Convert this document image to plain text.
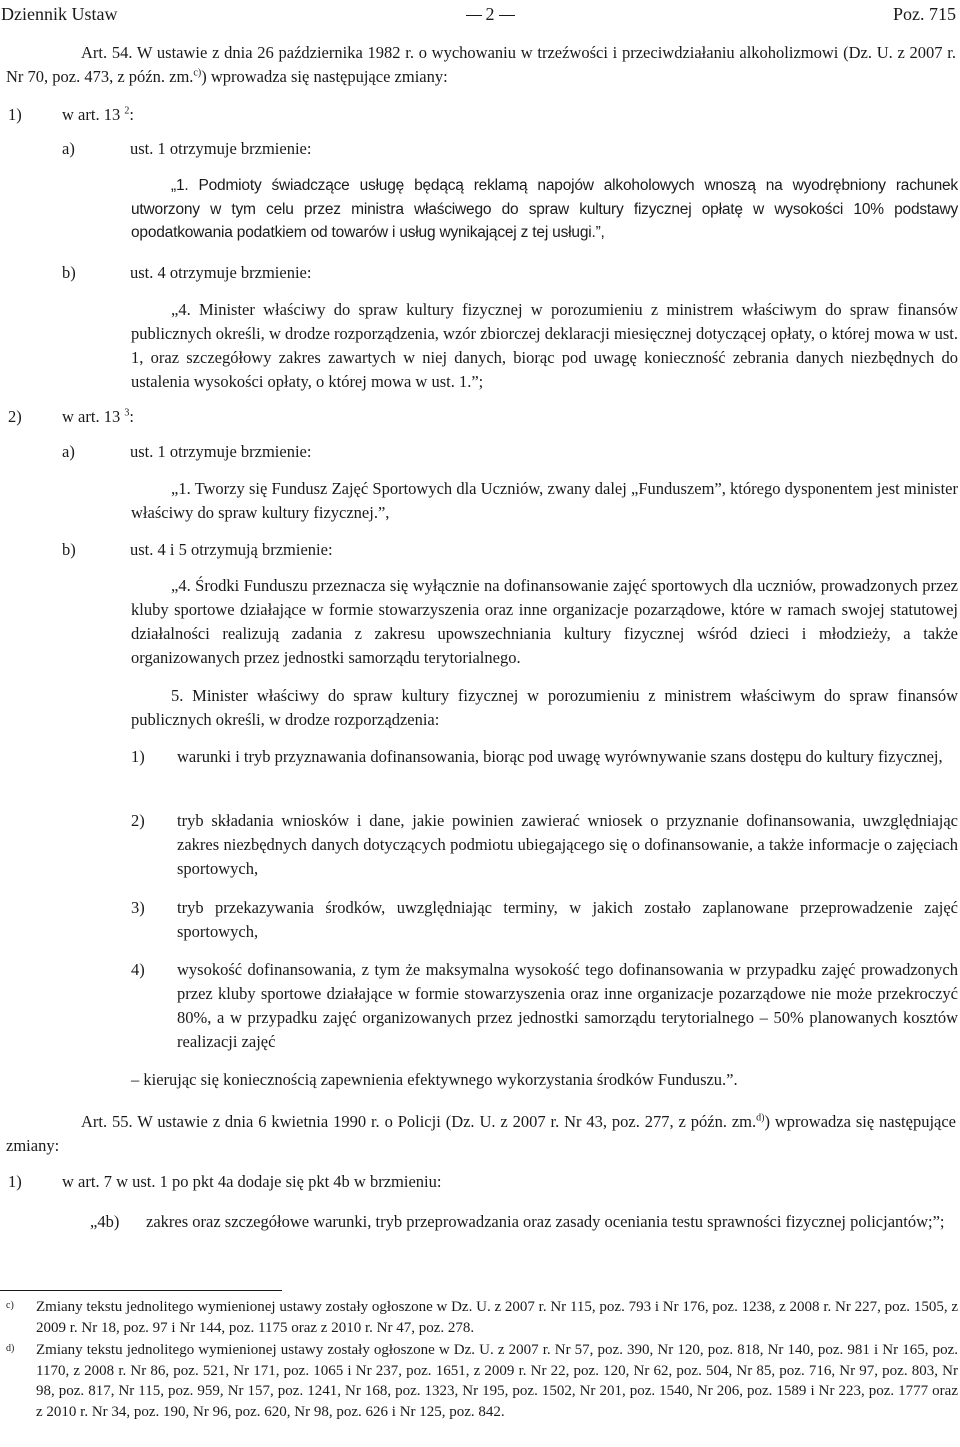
Dziennik Ustaw	2	Poz. 715

Art. 54. W ustawie z dnia 26 października 1982 r. o wychowaniu w trzeźwości i przeciwdziałaniu alkoholizmowi (Dz. U. z 2007 r. Nr 70, poz. 473, z późn. zm.$^{c)}$) wprowadza się następujące zmiany:

1) w art. 13 $^2$:
a)	ust. 1 otrzymuje brzmienie:

„1. Podmioty świadczące usługę będącą reklamą napojów alkoholowych wnoszą na wyodrębniony rachunek utworzony w tym celu przez ministra właściwego do spraw kultury fizycznej opłatę w wysokości 10% podstawy opodatkowania podatkiem od towarów i usług wynikającej z tej usługi.”,

b)	ust. 4 otrzymuje brzmienie:

„4. Minister właściwy do spraw kultury fizycznej w porozumieniu z ministrem właściwym do spraw finansów publicznych określi, w drodze rozporządzenia, wzór zbiorczej deklaracji miesięcznej dotyczącej opłaty, o której mowa w ust. 1, oraz szczegółowy zakres zawartych w niej danych, biorąc pod uwagę konieczność zebrania danych niezbędnych do ustalenia wysokości opłaty, o której mowa w ust. 1.”;

2) w art. 13 $^3$:
a)	ust. 1 otrzymuje brzmienie:

„1. Tworzy się Fundusz Zajęć Sportowych dla Uczniów, zwany dalej „Funduszem”, którego dysponentem jest minister właściwy do spraw kultury fizycznej.”,

b)	ust. 4 i 5 otrzymują brzmienie:

„4. Środki Funduszu przeznacza się wyłącznie na dofinansowanie zajęć sportowych dla uczniów, prowadzonych przez kluby sportowe działające w formie stowarzyszenia oraz inne organizacje pozarządowe, które w ramach swojej statutowej działalności realizują zadania z zakresu upowszechniania kultury fizycznej wśród dzieci i młodzieży, a także organizowanych przez jednostki samorządu terytorialnego.

5. Minister właściwy do spraw kultury fizycznej w porozumieniu z ministrem właściwym do spraw finansów publicznych określi, w drodze rozporządzenia:

1) warunki i tryb przyznawania dofinansowania, biorąc pod uwagę wyrównywanie szans dostępu do kultury fizycznej,

2) tryb składania wniosków i dane, jakie powinien zawierać wniosek o przyznanie dofinansowania, uwzględniając zakres niezbędnych danych dotyczących podmiotu ubiegającego się o dofinansowanie, a także informacje o zajęciach sportowych,

3) tryb przekazywania środków, uwzględniając terminy, w jakich zostało zaplanowane przeprowadzenie zajęć sportowych,

4) wysokość dofinansowania, z tym że maksymalna wysokość tego dofinansowania w przypadku zajęć prowadzonych przez kluby sportowe działające w formie stowarzyszenia oraz inne organizacje pozarządowe nie może przekroczyć 80%, a w przypadku zajęć organizowanych przez jednostki samorządu terytorialnego – 50% planowanych kosztów realizacji zajęć

– kierując się koniecznością zapewnienia efektywnego wykorzystania środków Funduszu.”.

Art. 55. W ustawie z dnia 6 kwietnia 1990 r. o Policji (Dz. U. z 2007 r. Nr 43, poz. 277, z późn. zm.$^{d)}$) wprowadza się następujące zmiany:

1) w art. 7 w ust. 1 po pkt 4a dodaje się pkt 4b w brzmieniu:
„4b) zakres oraz szczegółowe warunki, tryb przeprowadzania oraz zasady oceniania testu sprawności fizycznej policjantów;”;

c) Zmiany tekstu jednolitego wymienionej ustawy zostały ogłoszone w Dz. U. z 2007 r. Nr 115, poz. 793 i Nr 176, poz. 1238, z 2008 r. Nr 227, poz. 1505, z 2009 r. Nr 18, poz. 97 i Nr 144, poz. 1175 oraz z 2010 r. Nr 47, poz. 278.

d) Zmiany tekstu jednolitego wymienionej ustawy zostały ogłoszone w Dz. U. z 2007 r. Nr 57, poz. 390, Nr 120, poz. 818, Nr 140, poz. 981 i Nr 165, poz. 1170, z 2008 r. Nr 86, poz. 521, Nr 171, poz. 1065 i Nr 237, poz. 1651, z 2009 r. Nr 22, poz. 120, Nr 62, poz. 504, Nr 85, poz. 716, Nr 97, poz. 803, Nr 98, poz. 817, Nr 115, poz. 959, Nr 157, poz. 1241, Nr 168, poz. 1323, Nr 195, poz. 1502, Nr 201, poz. 1540, Nr 206, poz. 1589 i Nr 223, poz. 1777 oraz z 2010 r. Nr 34, poz. 190, Nr 96, poz. 620, Nr 98, poz. 626 i Nr 125, poz. 842.
